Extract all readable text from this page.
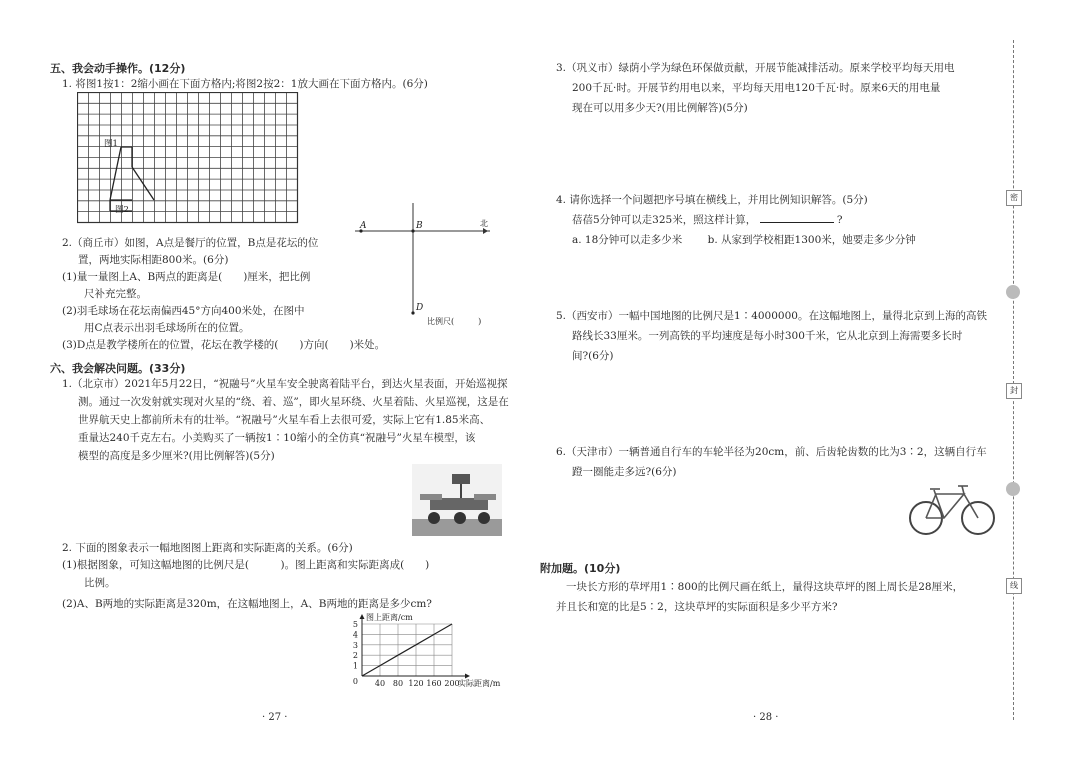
五、我会动手操作。(12分)
1. 将图1按1：2缩小画在下面方格内;将图2按2：1放大画在下面方格内。(6分)
图1
图2
2.（商丘市）如图，A点是餐厅的位置，B点是花坛的位
置，两地实际相距800米。(6分)
(1)量一量图上A、B两点的距离是(　　)厘米，把比例
尺补充完整。
(2)羽毛球场在花坛南偏西45°方向400米处，在图中
用C点表示出羽毛球场所在的位置。
(3)D点是教学楼所在的位置，花坛在教学楼的(　　)方向(　　)米处。
A	B
D
北
比例尺(　　　)
六、我会解决问题。(33分)
1.（北京市）2021年5月22日，“祝融号”火星车安全驶离着陆平台，到达火星表面，开始巡视探
测。通过一次发射就实现对火星的“绕、着、巡”，即火星环绕、火星着陆、火星巡视，这是在
世界航天史上都前所未有的壮举。“祝融号”火星车看上去很可爱，实际上它有1.85米高、
重量达240千克左右。小美购买了一辆按1∶10缩小的全仿真“祝融号”火星车模型，该
模型的高度是多少厘米?(用比例解答)(5分)
2. 下面的图象表示一幅地图图上距离和实际距离的关系。(6分)
(1)根据图象，可知这幅地图的比例尺是(　　　)。图上距离和实际距离成(　　)
比例。
(2)A、B两地的实际距离是320m，在这幅地图上，A、B两地的距离是多少cm?
40 80 120 160 200
1
2
3
4
5
0
图上距离/cm
实际距离/m
· 27 ·
3.（巩义市）绿荫小学为绿色环保做贡献，开展节能减排活动。原来学校平均每天用电
200千瓦·时。开展节约用电以来，平均每天用电120千瓦·时。原来6天的用电量
现在可以用多少天?(用比例解答)(5分)
4. 请你选择一个问题把序号填在横线上，并用比例知识解答。(5分)
蓓蓓5分钟可以走325米，照这样计算，	?
a. 18分钟可以走多少米 b. 从家到学校相距1300米，她要走多少分钟
5.（西安市）一幅中国地图的比例尺是1∶4000000。在这幅地图上，量得北京到上海的高铁
路线长33厘米。一列高铁的平均速度是每小时300千米，它从北京到上海需要多长时
间?(6分)
6.（天津市）一辆普通自行车的车轮半径为20cm，前、后齿轮齿数的比为3∶2，这辆自行车
蹬一圈能走多远?(6分)
附加题。(10分)
一块长方形的草坪用1∶800的比例尺画在纸上，量得这块草坪的图上周长是28厘米，
并且长和宽的比是5∶2，这块草坪的实际面积是多少平方米?
· 28 ·
密
封
线
